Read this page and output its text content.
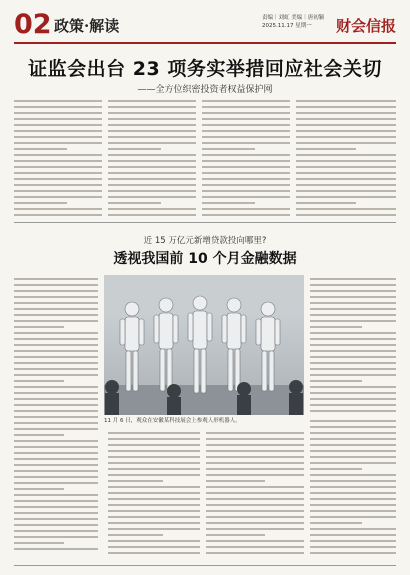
02 政策·解读	责编｜刘虹 美编｜唐初颖
2025.11.17 星期一	财会信报
证监会出台 23 项务实举措回应社会关切
——全方位织密投资者权益保护网
近 15 万亿元新增贷款投向哪里?
透视我国前 10 个月金融数据
11 月 6 日，观众在安徽某科技展会上参观人形机器人。
